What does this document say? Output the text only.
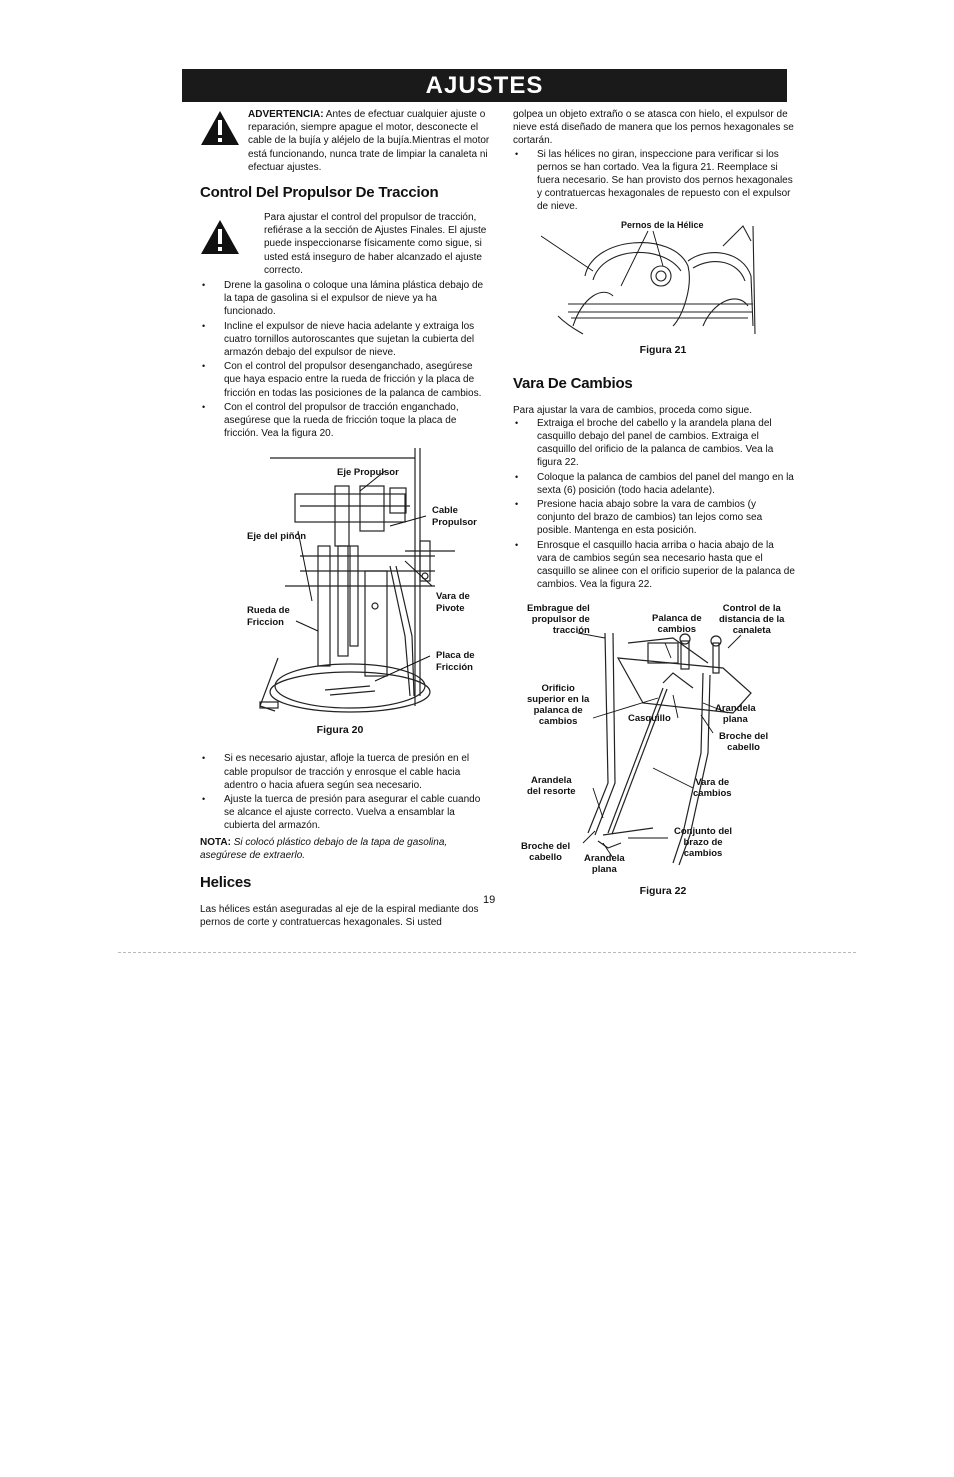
AJUSTES

ADVERTENCIA: Antes de efectuar cualquier ajuste o reparación, siempre apague el motor, desconecte el cable de la bujía y aléjelo de la bujía.Mientras el motor está funcionando, nunca trate de limpiar la canaleta ni efectuar ajustes.

Control Del Propulsor De Traccion

Para ajustar el control del propulsor de tracción, refiérase a la sección de Ajustes Finales. El ajuste puede inspeccionarse físicamente como sigue, si usted está inseguro de haber alcanzado el ajuste correcto.

• Drene la gasolina o coloque una lámina plástica debajo de la tapa de gasolina si el expulsor de nieve ya ha funcionado.
• Incline el expulsor de nieve hacia adelante y extraiga los cuatro tornillos autoroscantes que sujetan la cubierta del armazón debajo del expulsor de nieve.
• Con el control del propulsor desenganchado, asegúrese que haya espacio entre la rueda de fricción y la placa de fricción en todas las posiciones de la palanca de cambios.
• Con el control del propulsor de tracción enganchado, asegúrese que la rueda de fricción toque la placa de fricción. Vea la figura 20.
Eje Propulsor
Cable
Propulsor
Eje del piñón
Vara de
Pivote
Rueda de
Friccion
Placa de
Fricción
Figura 20
• Si es necesario ajustar, afloje la tuerca de presión en el cable propulsor de tracción y enrosque el cable hacia adentro o hacia afuera según sea necesario.
• Ajuste la tuerca de presión para asegurar el cable cuando se alcance el ajuste correcto. Vuelva a ensamblar la cubierta del armazón.

NOTA: Si colocó plástico debajo de la tapa de gasolina, asegúrese de extraerlo.

Helices

Las hélices están aseguradas al eje de la espiral mediante dos pernos de corte y contratuercas hexagonales. Si usted

golpea un objeto extraño o se atasca con hielo, el expulsor de nieve está diseñado de manera que los pernos hexagonales se cortarán.

• Si las hélices no giran, inspeccione para verificar si los pernos se han cortado. Vea la figura 21. Reemplace si fuera necesario. Se han provisto dos pernos hexagonales y contratuercas hexagonales de repuesto con el expulsor de nieve.
Pernos de la Hélice
Figura 21
Vara De Cambios

Para ajustar la vara de cambios, proceda como sigue.

• Extraiga el broche del cabello y la arandela plana del casquillo debajo del panel de cambios. Extraiga el casquillo del orificio de la palanca de cambios. Vea la figura 22.
• Coloque la palanca de cambios del panel del mango en la sexta (6) posición (todo hacia adelante).
• Presione hacia abajo sobre la vara de cambios (y conjunto del brazo de cambios) tan lejos como sea posible. Mantenga en esta posición.
• Enrosque el casquillo hacia arriba o hacia abajo de la vara de cambios según sea necesario hasta que el casquillo se alinee con el orificio superior de la palanca de cambios. Vea la figura 22.
Embrague del
propulsor de
tracción
Palanca de
cambios
Control de la
distancia de la
canaleta
Orificio
superior en la
palanca de
cambios	Casquillo
Arandela
plana
Broche del
cabello
Arandela
del resorte
Vara de
cambios
Conjunto del
brazo de
cambios
Broche del
cabello	Arandela
plana
Figura 22
19
